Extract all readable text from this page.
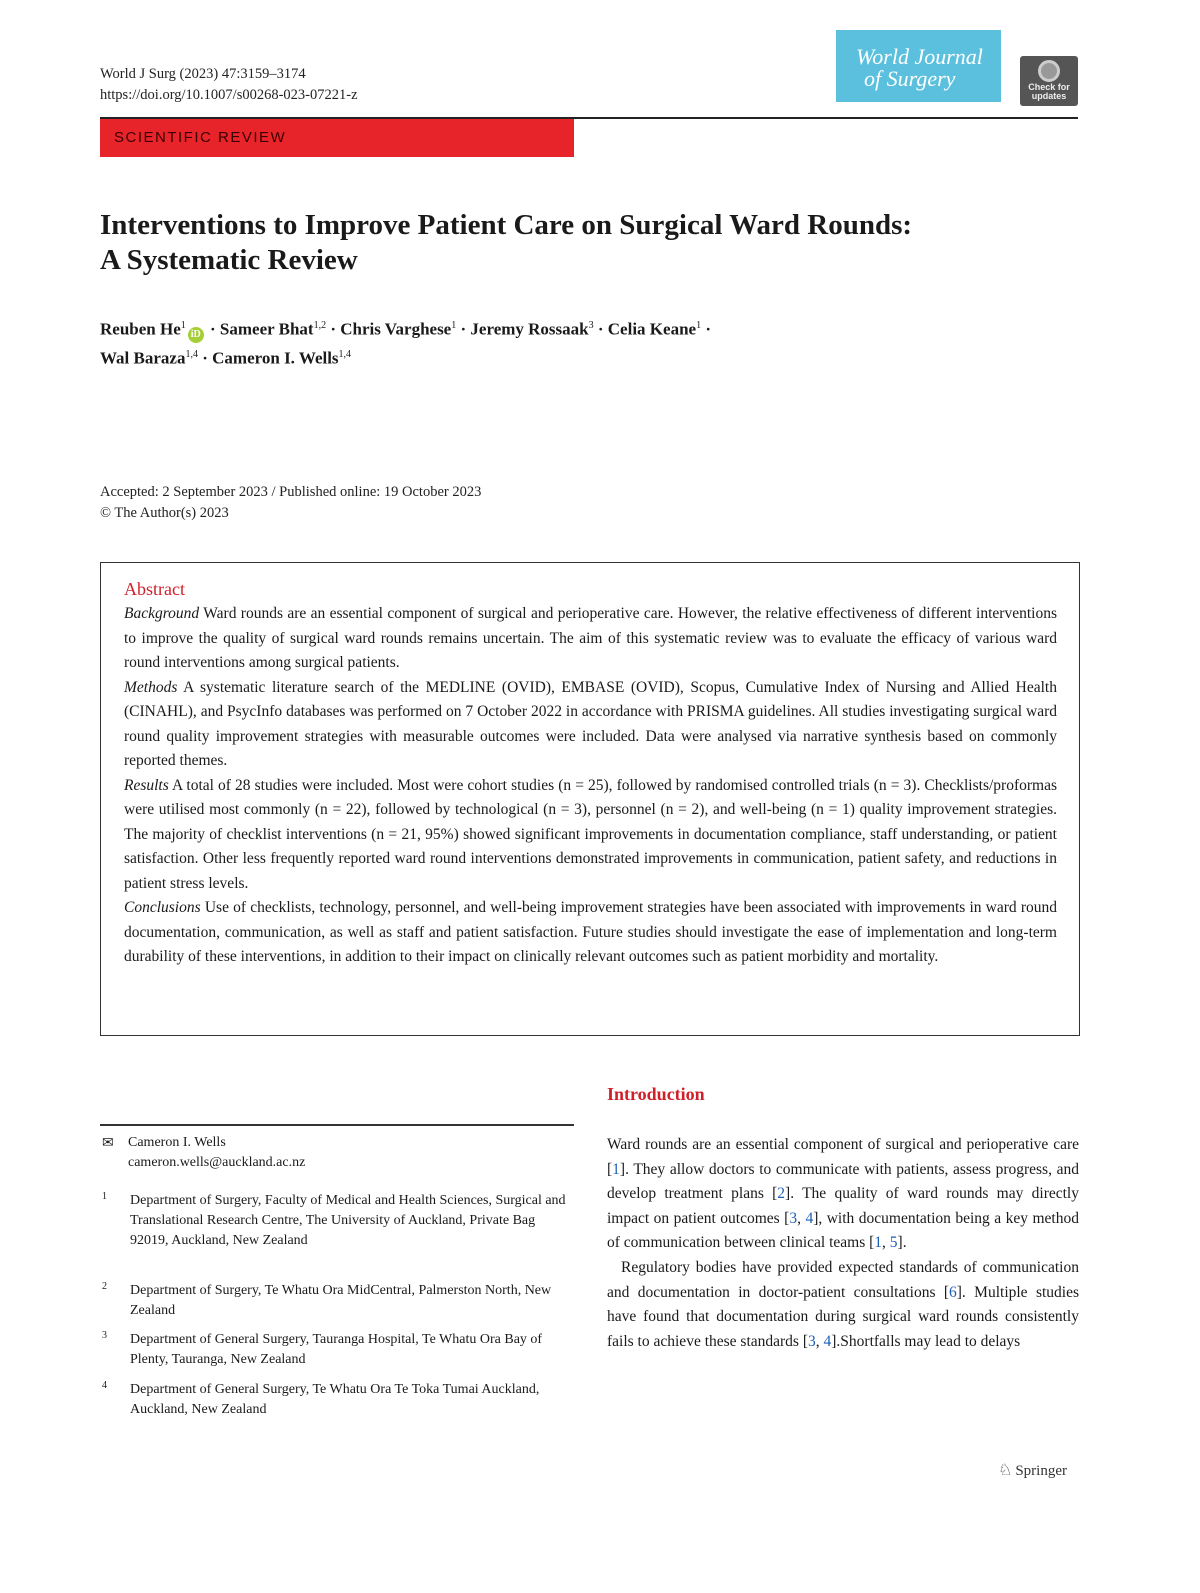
World J Surg (2023) 47:3159–3174
https://doi.org/10.1007/s00268-023-07221-z
World Journal
of Surgery	Check for updates
SCIENTIFIC REVIEW
Interventions to Improve Patient Care on Surgical Ward Rounds:
A Systematic Review
Reuben $He^1iD$ · Sameer Bhat$^{1,2}$ · Chris Varghese$^1$ · Jeremy Rossaak$^3$ · Celia Keane$^1$ ·
Wal Baraza$^{1,4}$ · Cameron I. Wells$^{1,4}$
Accepted: 2 September 2023 / Published online: 19 October 2023
© The Author(s) 2023
Abstract

Background Ward rounds are an essential component of surgical and perioperative care. However, the relative effectiveness of different interventions to improve the quality of surgical ward rounds remains uncertain. The aim of this systematic review was to evaluate the efficacy of various ward round interventions among surgical patients.

Methods A systematic literature search of the MEDLINE (OVID), EMBASE (OVID), Scopus, Cumulative Index of Nursing and Allied Health (CINAHL), and PsycInfo databases was performed on 7 October 2022 in accordance with PRISMA guidelines. All studies investigating surgical ward round quality improvement strategies with measurable outcomes were included. Data were analysed via narrative synthesis based on commonly reported themes.

Results A total of 28 studies were included. Most were cohort studies (n = 25), followed by randomised controlled trials (n = 3). Checklists/proformas were utilised most commonly (n = 22), followed by technological (n = 3), personnel (n = 2), and well-being (n = 1) quality improvement strategies. The majority of checklist interventions (n = 21, 95%) showed significant improvements in documentation compliance, staff understanding, or patient satisfaction. Other less frequently reported ward round interventions demonstrated improvements in communication, patient safety, and reductions in patient stress levels.

Conclusions Use of checklists, technology, personnel, and well-being improvement strategies have been associated with improvements in ward round documentation, communication, as well as staff and patient satisfaction. Future studies should investigate the ease of implementation and long-term durability of these interventions, in addition to their impact on clinically relevant outcomes such as patient morbidity and mortality.

✉ Cameron I. Wells
cameron.wells@auckland.ac.nz
1 Department of Surgery, Faculty of Medical and Health Sciences, Surgical and Translational Research Centre, The University of Auckland, Private Bag 92019, Auckland, New Zealand
2 Department of Surgery, Te Whatu Ora MidCentral, Palmerston North, New Zealand
3 Department of General Surgery, Tauranga Hospital, Te Whatu Ora Bay of Plenty, Tauranga, New Zealand
4 Department of General Surgery, Te Whatu Ora Te Toka Tumai Auckland, Auckland, New Zealand
Introduction

Ward rounds are an essential component of surgical and perioperative care [1]. They allow doctors to communicate with patients, assess progress, and develop treatment plans [2]. The quality of ward rounds may directly impact on patient outcomes [3, 4], with documentation being a key method of communication between clinical teams [1, 5].

Regulatory bodies have provided expected standards of communication and documentation in doctor-patient consultations [6]. Multiple studies have found that documentation during surgical ward rounds consistently fails to achieve these standards [3, 4].Shortfalls may lead to delays

♘ Springer
